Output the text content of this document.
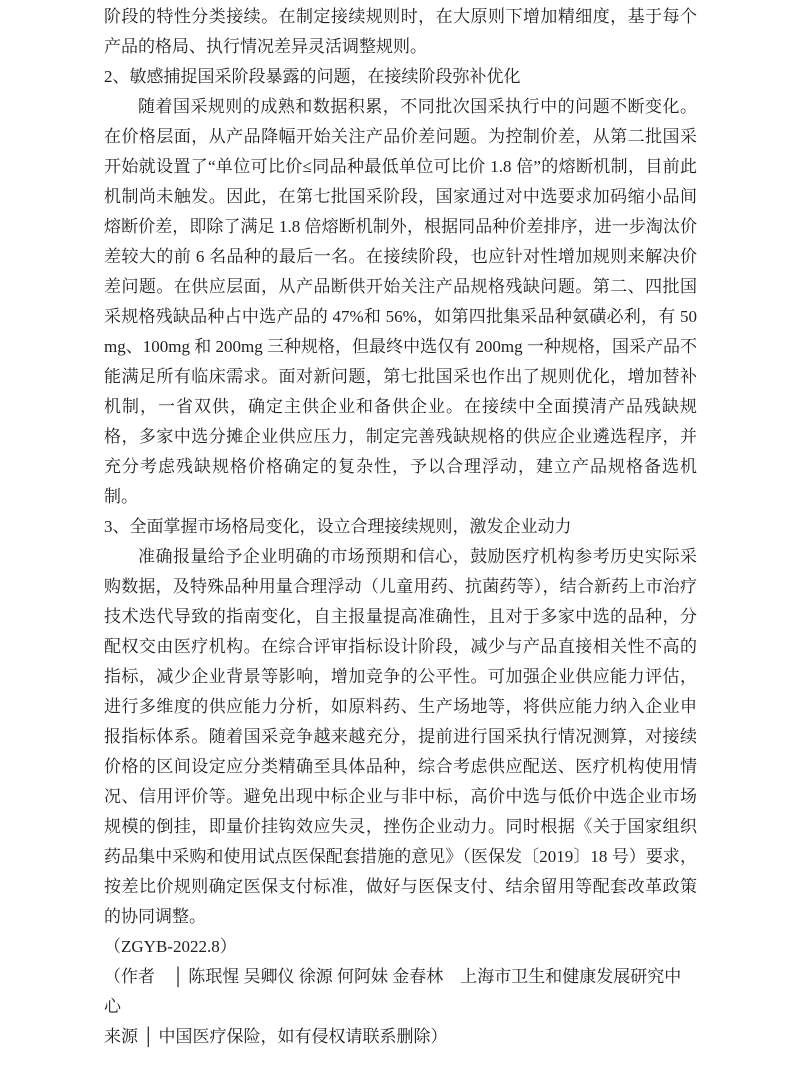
阶段的特性分类接续。在制定接续规则时，在大原则下增加精细度，基于每个产品的格局、执行情况差异灵活调整规则。
2、敏感捕捉国采阶段暴露的问题，在接续阶段弥补优化
随着国采规则的成熟和数据积累，不同批次国采执行中的问题不断变化。在价格层面，从产品降幅开始关注产品价差问题。为控制价差，从第二批国采开始就设置了“单位可比价≤同品种最低单位可比价 1.8 倍”的熔断机制，目前此机制尚未触发。因此，在第七批国采阶段，国家通过对中选要求加码缩小品间熔断价差，即除了满足 1.8 倍熔断机制外，根据同品种价差排序，进一步淘汰价差较大的前 6 名品种的最后一名。在接续阶段，也应针对性增加规则来解决价差问题。在供应层面，从产品断供开始关注产品规格残缺问题。第二、四批国采规格残缺品种占中选产品的 47%和 56%，如第四批集采品种氨磺必利，有 50mg、100mg 和 200mg 三种规格，但最终中选仅有 200mg 一种规格，国采产品不能满足所有临床需求。面对新问题，第七批国采也作出了规则优化，增加替补机制，一省双供，确定主供企业和备供企业。在接续中全面摸清产品残缺规格，多家中选分摊企业供应压力，制定完善残缺规格的供应企业遴选程序，并充分考虑残缺规格价格确定的复杂性，予以合理浮动，建立产品规格备选机制。
3、全面掌握市场格局变化，设立合理接续规则，激发企业动力
准确报量给予企业明确的市场预期和信心，鼓励医疗机构参考历史实际采购数据，及特殊品种用量合理浮动（儿童用药、抗菌药等），结合新药上市治疗技术迭代导致的指南变化，自主报量提高准确性，且对于多家中选的品种，分配权交由医疗机构。在综合评审指标设计阶段，减少与产品直接相关性不高的指标，减少企业背景等影响，增加竞争的公平性。可加强企业供应能力评估，进行多维度的供应能力分析，如原料药、生产场地等，将供应能力纳入企业申报指标体系。随着国采竞争越来越充分，提前进行国采执行情况测算，对接续价格的区间设定应分类精确至具体品种，综合考虑供应配送、医疗机构使用情况、信用评价等。避免出现中标企业与非中标，高价中选与低价中选企业市场规模的倒挂，即量价挂钩效应失灵，挫伤企业动力。同时根据《关于国家组织药品集中采购和使用试点医保配套措施的意见》（医保发〔2019〕18 号）要求，按差比价规则确定医保支付标准，做好与医保支付、结余留用等配套改革政策的协同调整。
（ZGYB-2022.8）
（作者　│ 陈珉惺 吴卿仪 徐源 何阿妹 金春林　上海市卫生和健康发展研究中心
来源 │ 中国医疗保险，如有侵权请联系删除）
